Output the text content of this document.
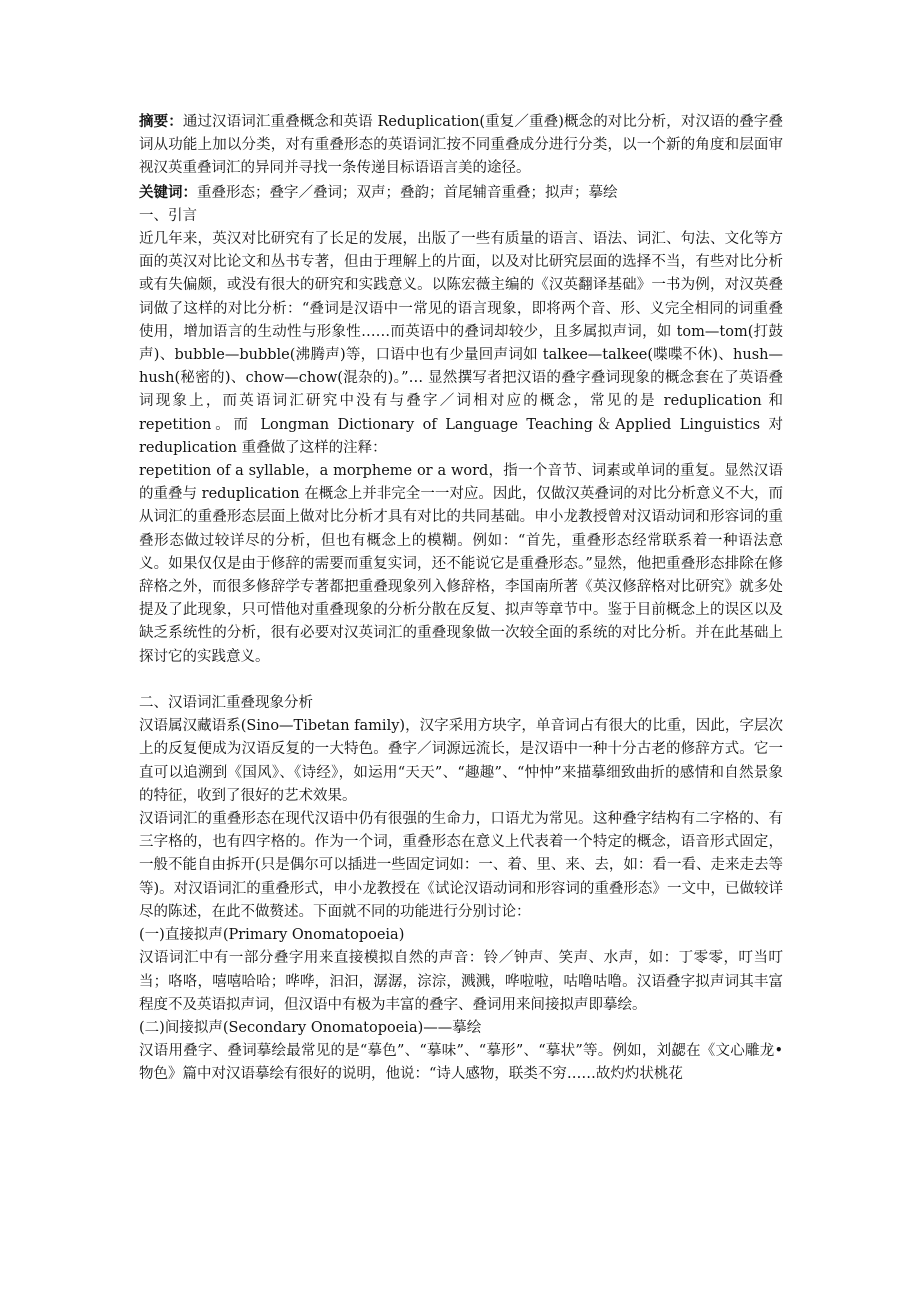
摘要：通过汉语词汇重叠概念和英语 Reduplication(重复／重叠)概念的对比分析，对汉语的叠字叠词从功能上加以分类，对有重叠形态的英语词汇按不同重叠成分进行分类，以一个新的角度和层面审视汉英重叠词汇的异同并寻找一条传递目标语语言美的途径。

关键词：重叠形态；叠字／叠词；双声；叠韵；首尾辅音重叠；拟声；摹绘

一、引言

近几年来，英汉对比研究有了长足的发展，出版了一些有质量的语言、语法、词汇、句法、文化等方面的英汉对比论文和丛书专著，但由于理解上的片面，以及对比研究层面的选择不当，有些对比分析或有失偏颇，或没有很大的研究和实践意义。以陈宏薇主编的《汉英翻译基础》一书为例，对汉英叠词做了这样的对比分析：“叠词是汉语中一常见的语言现象，即将两个音、形、义完全相同的词重叠使用，增加语言的生动性与形象性……而英语中的叠词却较少，且多属拟声词，如 tom—tom(打鼓声)、bubble—bubble(沸腾声)等，口语中也有少量回声词如 talkee—talkee(喋喋不休)、hush—hush(秘密的)、chow—chow(混杂的)。”… 显然撰写者把汉语的叠字叠词现象的概念套在了英语叠词现象上，而英语词汇研究中没有与叠字／词相对应的概念，常见的是 reduplication 和 repetition。而 Longman Dictionary of Language Teaching＆Applied Linguistics 对 reduplication 重叠做了这样的注释：

repetition of a syllable，a morpheme or a word，指一个音节、词素或单词的重复。显然汉语的重叠与 reduplication 在概念上并非完全一一对应。因此，仅做汉英叠词的对比分析意义不大，而从词汇的重叠形态层面上做对比分析才具有对比的共同基础。申小龙教授曾对汉语动词和形容词的重叠形态做过较详尽的分析，但也有概念上的模糊。例如：“首先，重叠形态经常联系着一种语法意义。如果仅仅是由于修辞的需要而重复实词，还不能说它是重叠形态。”显然，他把重叠形态排除在修辞格之外，而很多修辞学专著都把重叠现象列入修辞格，李国南所著《英汉修辞格对比研究》就多处提及了此现象，只可惜他对重叠现象的分析分散在反复、拟声等章节中。鉴于目前概念上的误区以及缺乏系统性的分析，很有必要对汉英词汇的重叠现象做一次较全面的系统的对比分析。并在此基础上探讨它的实践意义。

二、汉语词汇重叠现象分析

汉语属汉藏语系(Sino—Tibetan family)，汉字采用方块字，单音词占有很大的比重，因此，字层次上的反复便成为汉语反复的一大特色。叠字／词源远流长，是汉语中一种十分古老的修辞方式。它一直可以追溯到《国风》、《诗经》，如运用“天天”、“趣趣”、“忡忡”来描摹细致曲折的感情和自然景象的特征，收到了很好的艺术效果。

汉语词汇的重叠形态在现代汉语中仍有很强的生命力，口语尤为常见。这种叠字结构有二字格的、有三字格的，也有四字格的。作为一个词，重叠形态在意义上代表着一个特定的概念，语音形式固定，一般不能自由拆开(只是偶尔可以插进一些固定词如：一、着、里、来、去，如：看一看、走来走去等等)。对汉语词汇的重叠形式，申小龙教授在《试论汉语动词和形容词的重叠形态》一文中，已做较详尽的陈述，在此不做赘述。下面就不同的功能进行分别讨论：

(一)直接拟声(Primary Onomatopoeia)

汉语词汇中有一部分叠字用来直接模拟自然的声音：铃／钟声、笑声、水声，如：丁零零，叮当叮当；咯咯，嘻嘻哈哈；哗哗，汩汩，潺潺，淙淙，溅溅，哗啦啦，咕噜咕噜。汉语叠字拟声词其丰富程度不及英语拟声词，但汉语中有极为丰富的叠字、叠词用来间接拟声即摹绘。

(二)间接拟声(Secondary Onomatopoeia)——摹绘

汉语用叠字、叠词摹绘最常见的是“摹色”、“摹味”、“摹形”、“摹状”等。例如，刘勰在《文心雕龙•物色》篇中对汉语摹绘有很好的说明，他说：“诗人感物，联类不穷……故灼灼状桃花
